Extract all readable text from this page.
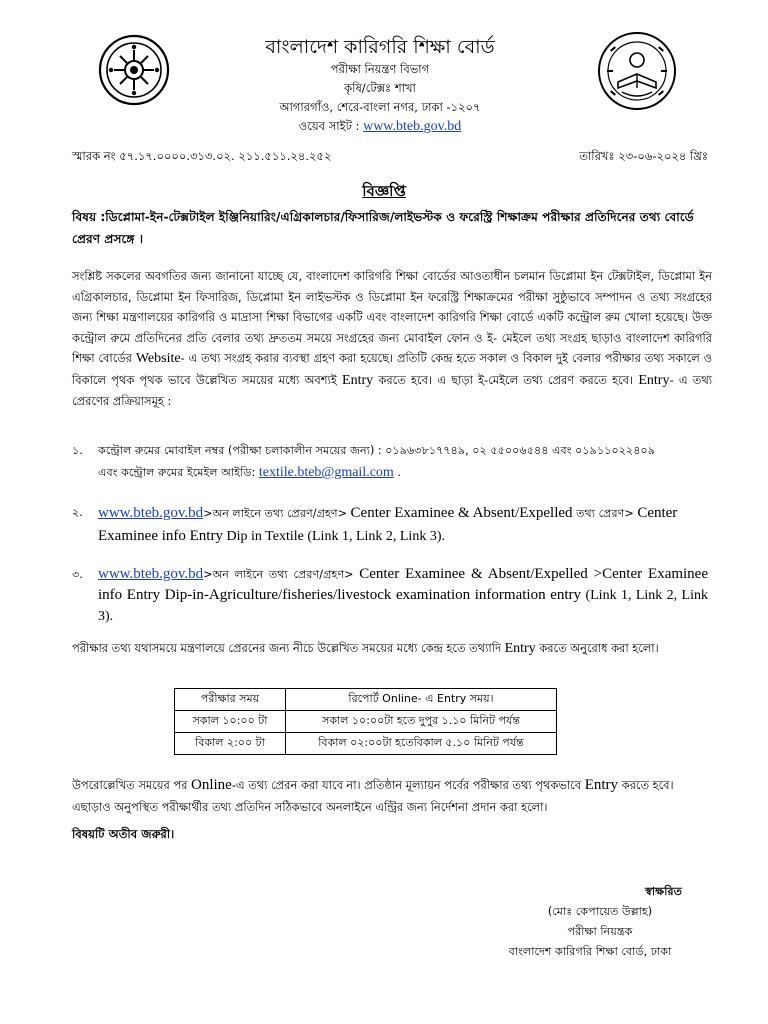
বাংলাদেশ কারিগরি শিক্ষা বোর্ড
পরীক্ষা নিয়ন্ত্রণ বিভাগ
কৃষি/টেক্সঃ শাখা
আগারগাঁও, শেরে-বাংলা নগর, ঢাকা -১২০৭
ওয়েব সাইট : www.bteb.gov.bd
স্মারক নং ৫৭.১৭.০০০০.৩১৩.০২. ২১১.৫১১.২৪.২৫২	তারিখঃ ২৩-০৬-২০২৪ খ্রিঃ
বিজ্ঞপ্তি
বিষয় :ডিপ্লোমা-ইন-টেক্সটাইল ইঞ্জিনিয়ারিং/এগ্রিকালচার/ফিসারিজ/লাইভস্টক ও ফরেস্ট্রি শিক্ষাক্রম পরীক্ষার প্রতিদিনের তথ্য বোর্ডে প্রেরণ প্রসঙ্গে ।
সংশ্লিষ্ট সকলের অবগতির জন্য জানানো যাচ্ছে যে, বাংলাদেশ কারিগরি শিক্ষা বোর্ডের আওতাধীন চলমান ডিপ্লোমা ইন টেক্সটাইল, ডিপ্লোমা ইন এগ্রিকালচার, ডিপ্লোমা ইন ফিসারিজ, ডিপ্লোমা ইন লাইভস্টক ও ডিপ্লোমা ইন ফরেস্ট্রি শিক্ষাক্রমের পরীক্ষা সুষ্ঠুভাবে সম্পাদন ও তথ্য সংগ্রহের জন্য শিক্ষা মন্ত্রণালয়ের কারিগরি ও মাদ্রাসা শিক্ষা বিভাগের একটি এবং বাংলাদেশ কারিগরি শিক্ষা বোর্ডে একটি কন্ট্রোল রুম খোলা হয়েছে। উক্ত কন্ট্রোল রুমে প্রতিদিনের প্রতি বেলার তথ্য দ্রুততম সময়ে সংগ্রহের জন্য মোবাইল ফোন ও ই- মেইলে তথ্য সংগ্রহ ছাড়াও বাংলাদেশ কারিগরি শিক্ষা বোর্ডের Website- এ তথ্য সংগ্রহ করার ব্যবস্থা গ্রহণ করা হয়েছে। প্রতিটি কেন্দ্র হতে সকাল ও বিকাল দুই বেলার পরীক্ষার তথ্য সকালে ও বিকালে পৃথক পৃথক ভাবে উল্লেখিত সময়ের মধ্যে অবশ্যই Entry করতে হবে। এ ছাড়া ই-মেইলে তথ্য প্রেরণ করতে হবে। Entry- এ তথ্য প্রেরণের প্রক্রিয়াসমূহ :
১. কন্ট্রোল রুমের মোবাইল নম্বর (পরীক্ষা চলাকালীন সময়ের জন্য) : ০১৯৬৩৮১৭৭৪৯, ০২ ৫৫০০৬৫৪৪ এবং ০১৯১১০২২৪০৯
এবং কন্ট্রোল রুমের ইমেইল আইডি: textile.bteb@gmail.com .
২. www.bteb.gov.bd>অন লাইনে তথ্য প্রেরণ/গ্রহণ> Center Examinee & Absent/Expelled তথ্য প্রেরণ> Center Examinee info Entry Dip in Textile (Link 1, Link 2, Link 3).
৩. www.bteb.gov.bd>অন লাইনে তথ্য প্রেরণ/গ্রহণ> Center Examinee & Absent/Expelled >Center Examinee info Entry Dip-in-Agriculture/fisheries/livestock examination information entry (Link 1, Link 2, Link 3).
পরীক্ষার তথ্য যথাসময়ে মন্ত্রণালয়ে প্রেরনের জন্য নীচে উল্লেখিত সময়ের মধ্যে কেন্দ্র হতে তথ্যাদি Entry করতে অনুরোধ করা হলো।
পরীক্ষার সময়	রিপোর্ট Online- এ Entry সময়।
সকাল ১০:০০ টা	সকাল ১০:০০টা হতে দুপুর ১.১০ মিনিট পর্যন্ত
বিকাল ২:০০ টা	বিকাল ০২:০০টা হতেবিকাল ৫.১০ মিনিট পর্যন্ত
উপরোল্লেখিত সময়ের পর Online-এ তথ্য প্রেরন করা যাবে না। প্রতিষ্ঠান মূল্যায়ন পর্বের পরীক্ষার তথ্য পৃথকভাবে Entry করতে হবে। এছাড়াও অনুপস্থিত পরীক্ষার্থীর তথ্য প্রতিদিন সঠিকভাবে অনলাইনে এন্ট্রির জন্য নির্দেশনা প্রদান করা হলো।
বিষয়টি অতীব জরুরী।
স্বাক্ষরিত
(মোঃ কেপায়েত উল্লাহ)
পরীক্ষা নিয়ন্ত্রক
বাংলাদেশ কারিগরি শিক্ষা বোর্ড, ঢাকা
